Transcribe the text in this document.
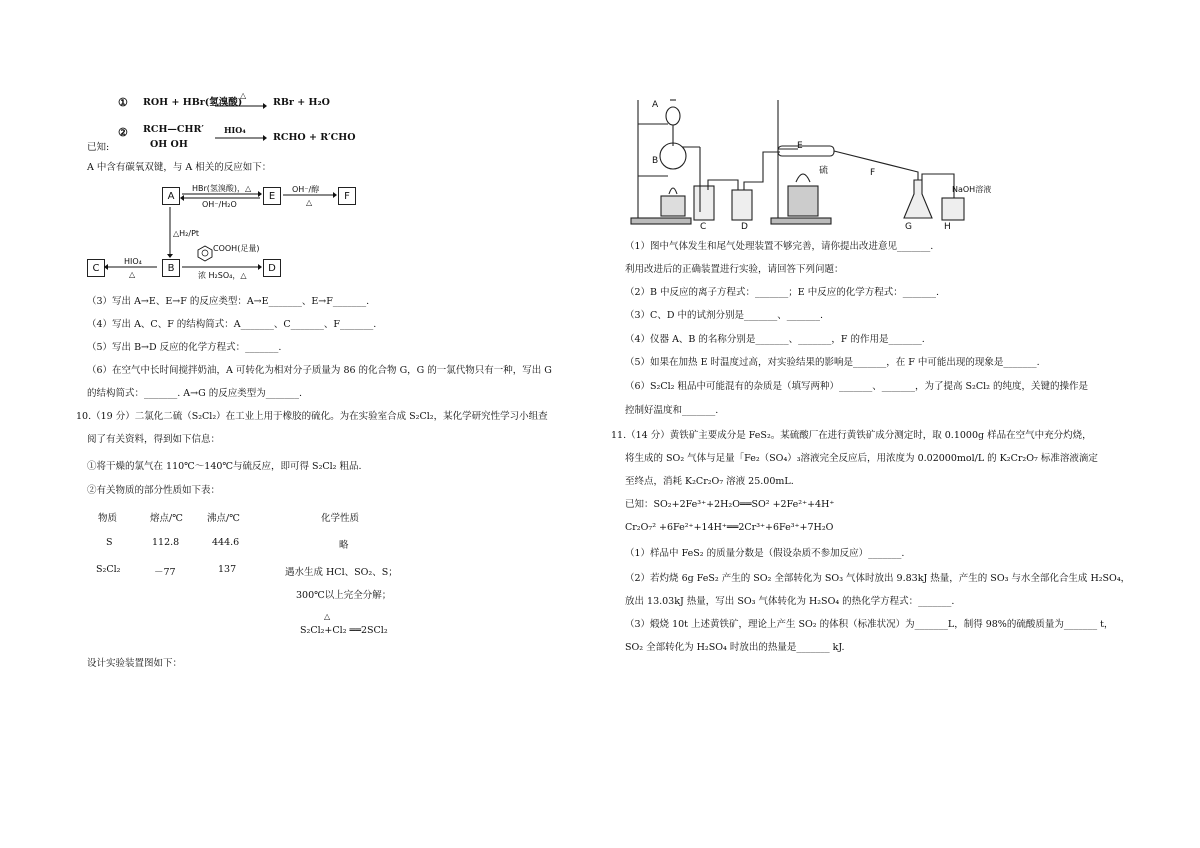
① ROH + HBr(氢溴酸)
△
→ RBr + H₂O
② RCH—CHR′
OH OH
HIO₄
→ RCHO + R′CHO
已知:
A 中含有碳氧双键，与 A 相关的反应如下：
A	E	F
B
C	D
HBr(氢溴酸)，△
OH⁻/H₂O
OH⁻/醇
△
△H₂/Pt
HIO₄
△
COOH(足量)
浓 H₂SO₄，△
（3）写出 A→E、E→F 的反应类型：A→E_______、E→F_______.
（4）写出 A、C、F 的结构简式：A_______、C_______、F_______.
（5）写出 B→D 反应的化学方程式：_______.
（6）在空气中长时间搅拌奶油，A 可转化为相对分子质量为 86 的化合物 G，G 的一氯代物只有一种，写出 G
的结构简式：_______. A→G 的反应类型为_______.
10.（19 分）二氯化二硫（S₂Cl₂）在工业上用于橡胶的硫化。为在实验室合成 S₂Cl₂，某化学研究性学习小组查
阅了有关资料，得到如下信息：
①将干燥的氯气在 110℃～140℃与硫反应，即可得 S₂Cl₂ 粗品.
②有关物质的部分性质如下表：
物质	熔点/℃	沸点/℃	化学性质
S	112.8	444.6	略
S₂Cl₂	－77	137	遇水生成 HCl、SO₂、S；
300℃以上完全分解；
△
S₂Cl₂+Cl₂ ══2SCl₂
设计实验装置图如下：
A
B
C	D
E
硫	F
G	H
NaOH溶液
（1）图中气体发生和尾气处理装置不够完善，请你提出改进意见_______.
利用改进后的正确装置进行实验，请回答下列问题：
（2）B 中反应的离子方程式：_______；E 中反应的化学方程式：_______.
（3）C、D 中的试剂分别是_______、_______.
（4）仪器 A、B 的名称分别是_______、_______，F 的作用是_______.
（5）如果在加热 E 时温度过高，对实验结果的影响是_______，在 F 中可能出现的现象是_______.
（6）S₂Cl₂ 粗品中可能混有的杂质是（填写两种）_______、_______，为了提高 S₂Cl₂ 的纯度，关键的操作是
控制好温度和_______.
11.（14 分）黄铁矿主要成分是 FeS₂。某硫酸厂在进行黄铁矿成分测定时，取 0.1000g 样品在空气中充分灼烧，
将生成的 SO₂ 气体与足量「Fe₂（SO₄）₃溶液完全反应后，用浓度为 0.02000mol/L 的 K₂Cr₂O₇ 标准溶液滴定
至终点，消耗 K₂Cr₂O₇ 溶液 25.00mL.
已知：SO₂+2Fe³⁺+2H₂O══SO² +2Fe²⁺+4H⁺
Cr₂O₇² +6Fe²⁺+14H⁺══2Cr³⁺+6Fe³⁺+7H₂O
（1）样品中 FeS₂ 的质量分数是（假设杂质不参加反应）_______.
（2）若灼烧 6g FeS₂ 产生的 SO₂ 全部转化为 SO₃ 气体时放出 9.83kJ 热量，产生的 SO₃ 与水全部化合生成 H₂SO₄，
放出 13.03kJ 热量，写出 SO₃ 气体转化为 H₂SO₄ 的热化学方程式：_______.
（3）煅烧 10t 上述黄铁矿，理论上产生 SO₂ 的体积（标准状况）为_______L，制得 98%的硫酸质量为_______ t，
SO₂ 全部转化为 H₂SO₄ 时放出的热量是_______ kJ.
